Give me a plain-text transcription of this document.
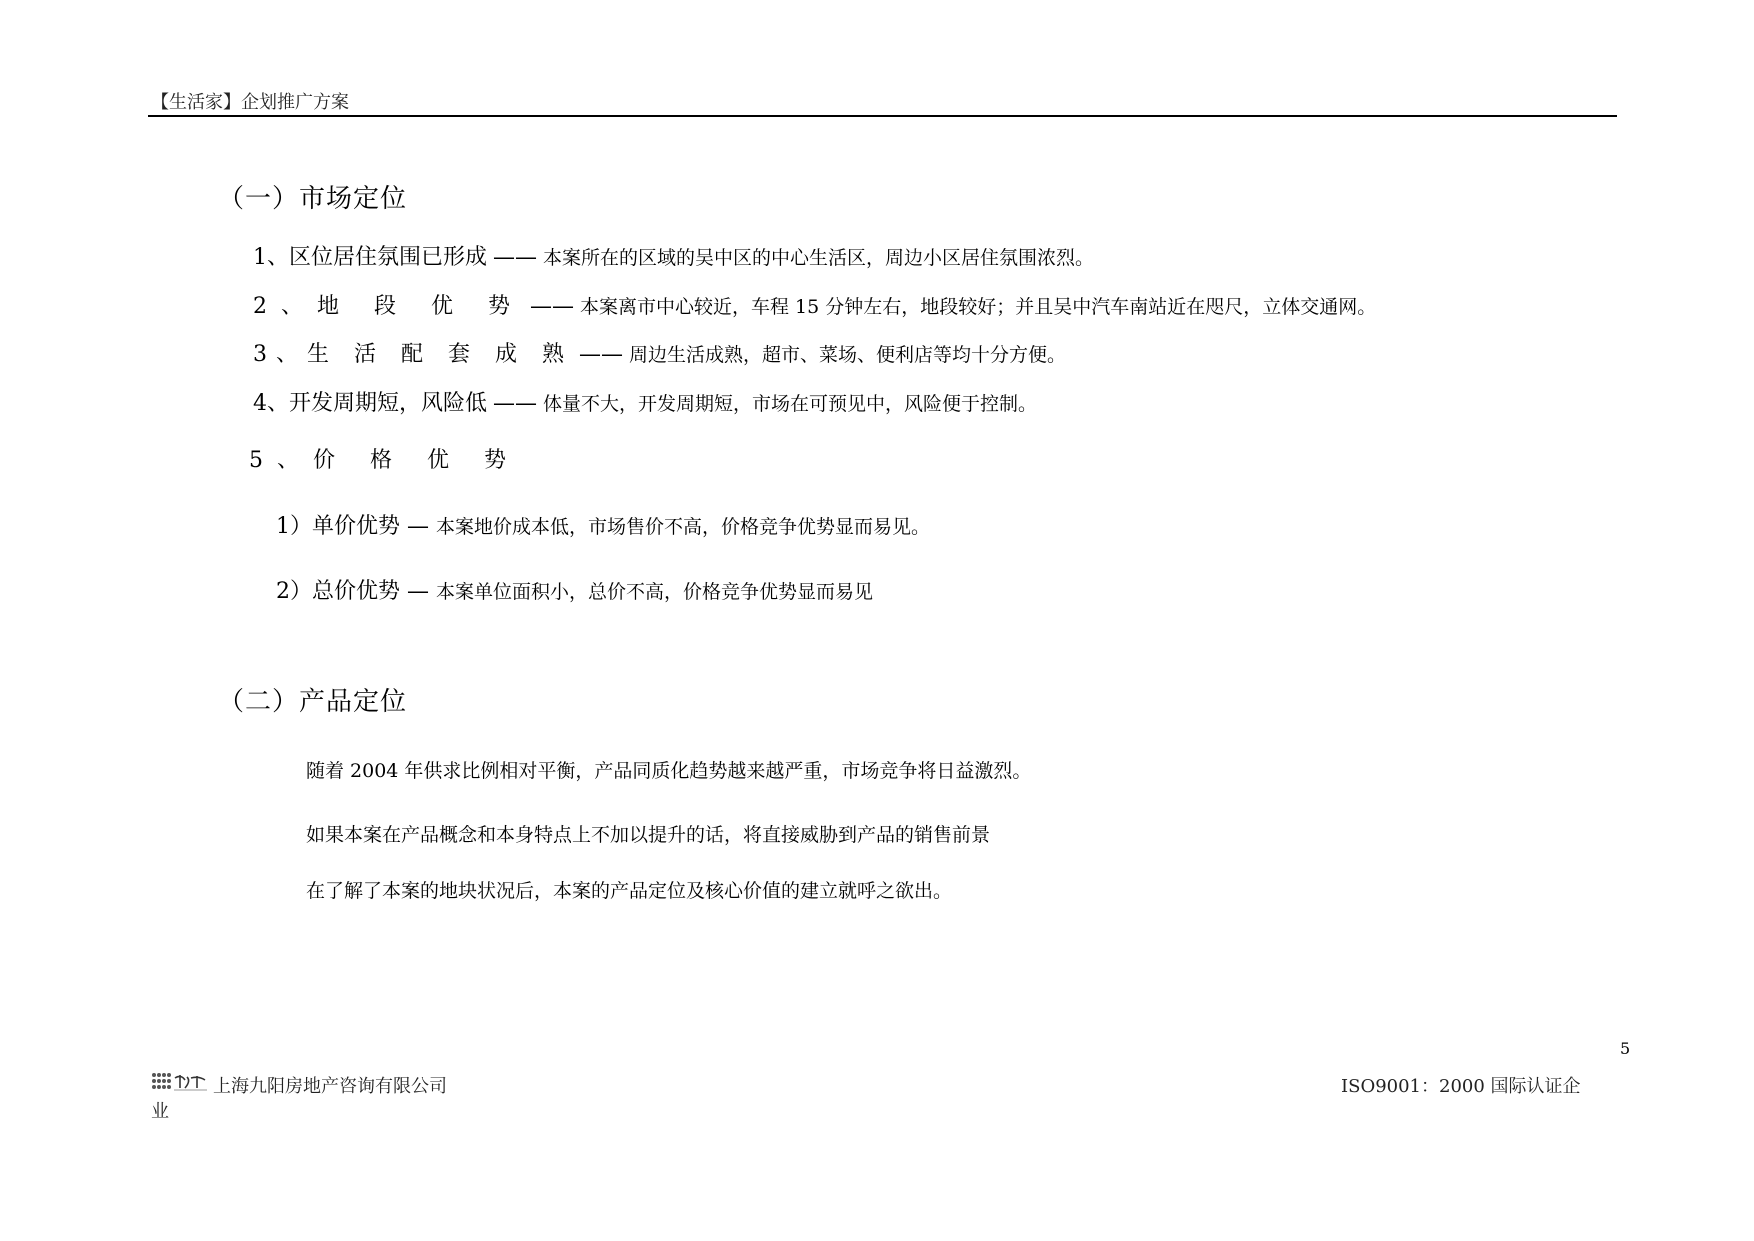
【生活家】企划推广方案
（一）市场定位
1、区位居住氛围已形成 —— 本案所在的区域的吴中区的中心生活区，周边小区居住氛围浓烈。
2、地 段 优 势 —— 本案离市中心较近，车程 15 分钟左右，地段较好；并且吴中汽车南站近在咫尺，立体交通网。
3、生 活 配 套 成 熟 —— 周边生活成熟，超市、菜场、便利店等均十分方便。
4、开发周期短，风险低 —— 体量不大，开发周期短，市场在可预见中，风险便于控制。
5、价 格 优 势
1）单价优势 — 本案地价成本低，市场售价不高，价格竞争优势显而易见。
2）总价优势 — 本案单位面积小，总价不高，价格竞争优势显而易见
（二）产品定位
随着 2004 年供求比例相对平衡，产品同质化趋势越来越严重，市场竞争将日益激烈。
如果本案在产品概念和本身特点上不加以提升的话，将直接威胁到产品的销售前景
在了解了本案的地块状况后，本案的产品定位及核心价值的建立就呼之欲出。
5
上海九阳房地产咨询有限公司	ISO9001：2000 国际认证企
业
